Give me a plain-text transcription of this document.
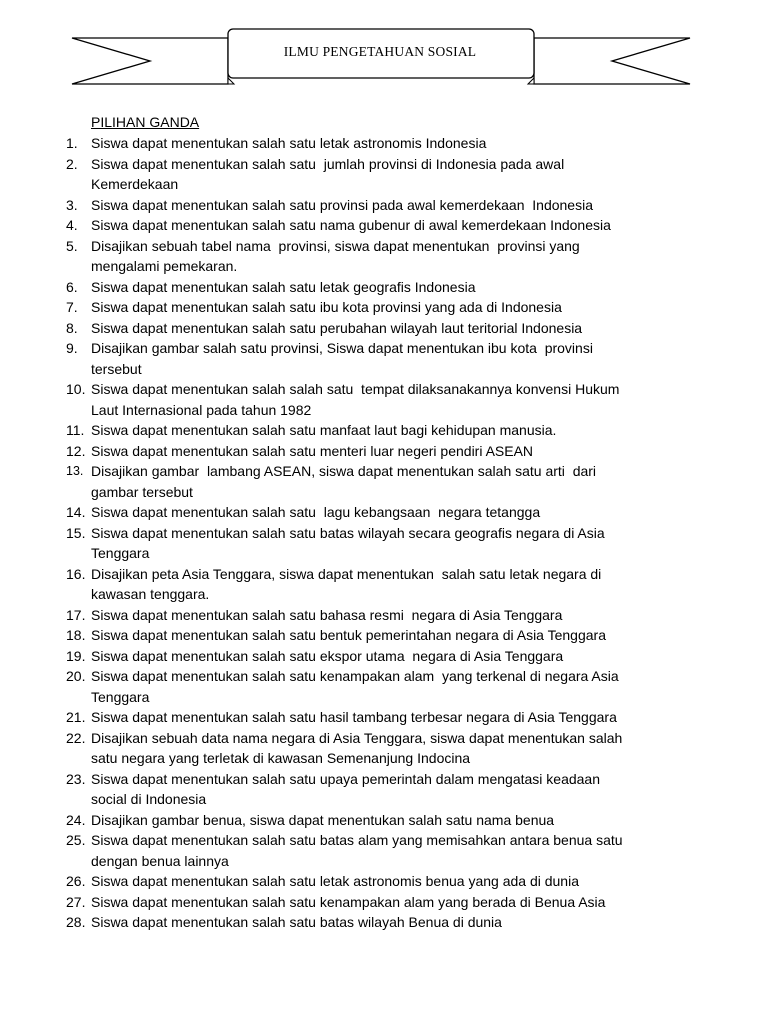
ILMU PENGETAHUAN SOSIAL
PILIHAN GANDA
1. Siswa dapat menentukan salah satu letak astronomis Indonesia
2. Siswa dapat menentukan salah satu  jumlah provinsi di Indonesia pada awal
Kemerdekaan
3. Siswa dapat menentukan salah satu provinsi pada awal kemerdekaan  Indonesia
4. Siswa dapat menentukan salah satu nama gubenur di awal kemerdekaan Indonesia
5. Disajikan sebuah tabel nama  provinsi, siswa dapat menentukan  provinsi yang
mengalami pemekaran.
6. Siswa dapat menentukan salah satu letak geografis Indonesia
7. Siswa dapat menentukan salah satu ibu kota provinsi yang ada di Indonesia
8. Siswa dapat menentukan salah satu perubahan wilayah laut teritorial Indonesia
9. Disajikan gambar salah satu provinsi, Siswa dapat menentukan ibu kota  provinsi
tersebut
10. Siswa dapat menentukan salah salah satu  tempat dilaksanakannya konvensi Hukum
Laut Internasional pada tahun 1982
11. Siswa dapat menentukan salah satu manfaat laut bagi kehidupan manusia.
12. Siswa dapat menentukan salah satu menteri luar negeri pendiri ASEAN
13. Disajikan gambar  lambang ASEAN, siswa dapat menentukan salah satu arti  dari
gambar tersebut
14. Siswa dapat menentukan salah satu  lagu kebangsaan  negara tetangga
15. Siswa dapat menentukan salah satu batas wilayah secara geografis negara di Asia
Tenggara
16. Disajikan peta Asia Tenggara, siswa dapat menentukan  salah satu letak negara di
kawasan tenggara.
17. Siswa dapat menentukan salah satu bahasa resmi  negara di Asia Tenggara
18. Siswa dapat menentukan salah satu bentuk pemerintahan negara di Asia Tenggara
19. Siswa dapat menentukan salah satu ekspor utama  negara di Asia Tenggara
20. Siswa dapat menentukan salah satu kenampakan alam  yang terkenal di negara Asia
Tenggara
21. Siswa dapat menentukan salah satu hasil tambang terbesar negara di Asia Tenggara
22. Disajikan sebuah data nama negara di Asia Tenggara, siswa dapat menentukan salah
satu negara yang terletak di kawasan Semenanjung Indocina
23. Siswa dapat menentukan salah satu upaya pemerintah dalam mengatasi keadaan
social di Indonesia
24. Disajikan gambar benua, siswa dapat menentukan salah satu nama benua
25. Siswa dapat menentukan salah satu batas alam yang memisahkan antara benua satu
dengan benua lainnya
26. Siswa dapat menentukan salah satu letak astronomis benua yang ada di dunia
27. Siswa dapat menentukan salah satu kenampakan alam yang berada di Benua Asia
28. Siswa dapat menentukan salah satu batas wilayah Benua di dunia
